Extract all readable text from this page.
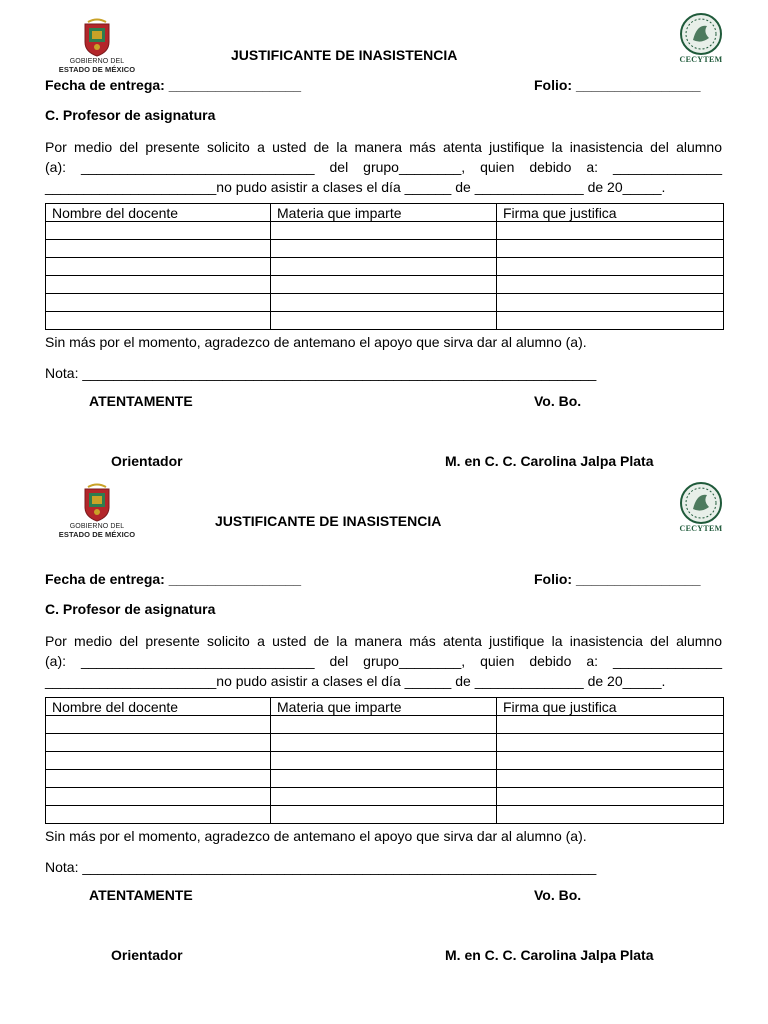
GOBIERNO DEL
ESTADO DE MÉXICO
CECYTEM
JUSTIFICANTE DE INASISTENCIA
Fecha de entrega: _________________	Folio: ________________
C. Profesor de asignatura
Por medio del presente solicito a usted de la manera más atenta justifique la inasistencia del alumno
(a): ______________________________ del grupo________, quien debido a: ______________
______________________no pudo asistir a clases el día ______ de ______________ de 20_____.
Nombre del docente	Materia que imparte	Firma que justifica

Sin más por el momento, agradezco de antemano el apoyo que sirva dar al alumno (a).
Nota: __________________________________________________________________
ATENTAMENTE	Vo. Bo.
Orientador	M. en C. C. Carolina Jalpa Plata
GOBIERNO DEL
ESTADO DE MÉXICO
CECYTEM
JUSTIFICANTE DE INASISTENCIA
Fecha de entrega: _________________	Folio: ________________
C. Profesor de asignatura
Por medio del presente solicito a usted de la manera más atenta justifique la inasistencia del alumno
(a): ______________________________ del grupo________, quien debido a: ______________
______________________no pudo asistir a clases el día ______ de ______________ de 20_____.
Nombre del docente	Materia que imparte	Firma que justifica

Sin más por el momento, agradezco de antemano el apoyo que sirva dar al alumno (a).
Nota: __________________________________________________________________
ATENTAMENTE	Vo. Bo.
Orientador	M. en C. C. Carolina Jalpa Plata
